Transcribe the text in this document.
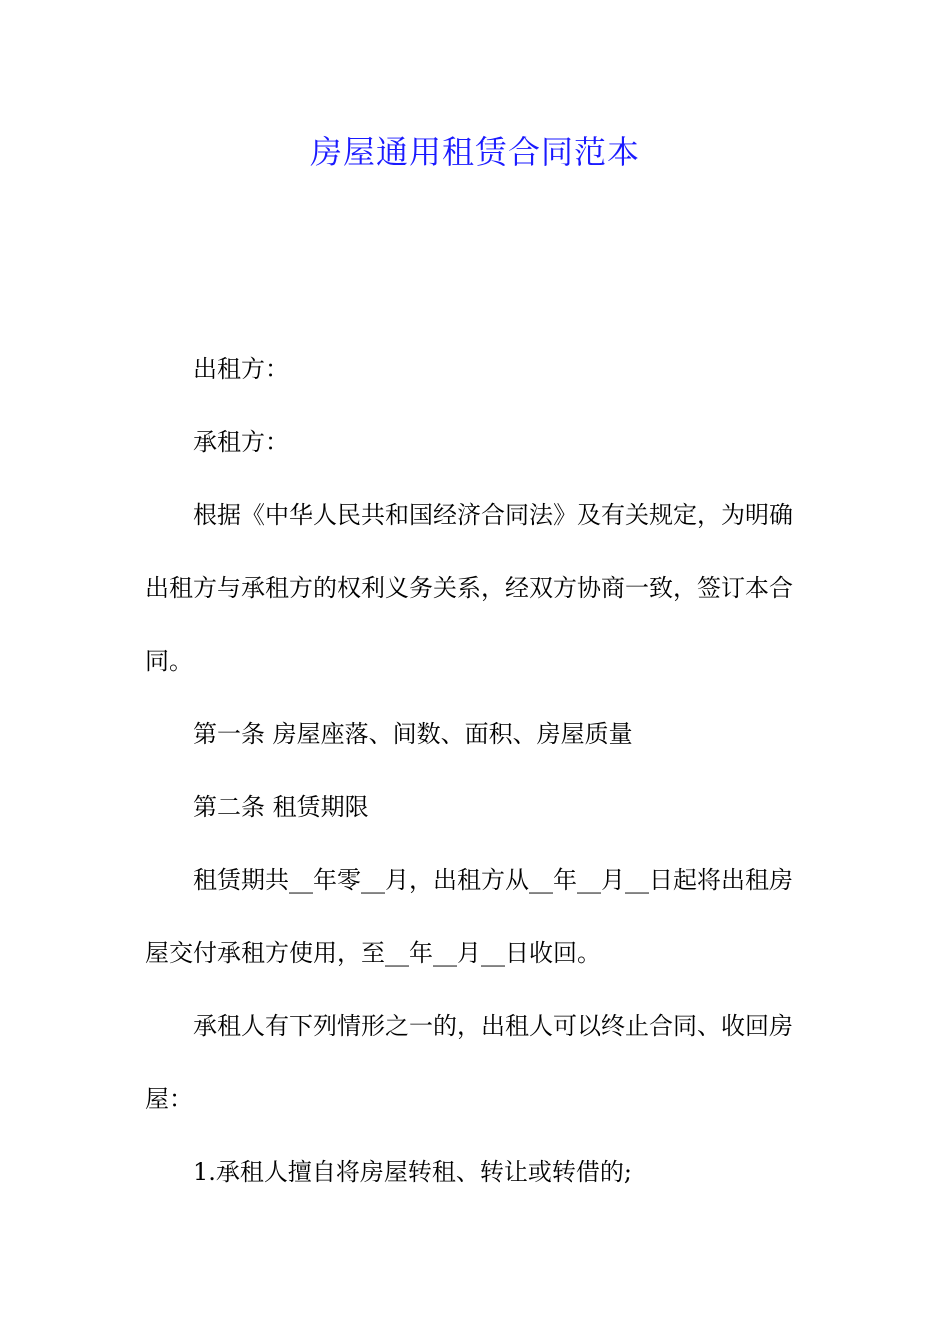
房屋通用租赁合同范本
出租方：
承租方：
根据《中华人民共和国经济合同法》及有关规定，为明确
出租方与承租方的权利义务关系，经双方协商一致，签订本合
同。
第一条 房屋座落、间数、面积、房屋质量
第二条 租赁期限
租赁期共__年零__月，出租方从__年__月__日起将出租房
屋交付承租方使用，至__年__月__日收回。
承租人有下列情形之一的，出租人可以终止合同、收回房
屋：
1.承租人擅自将房屋转租、转让或转借的;
